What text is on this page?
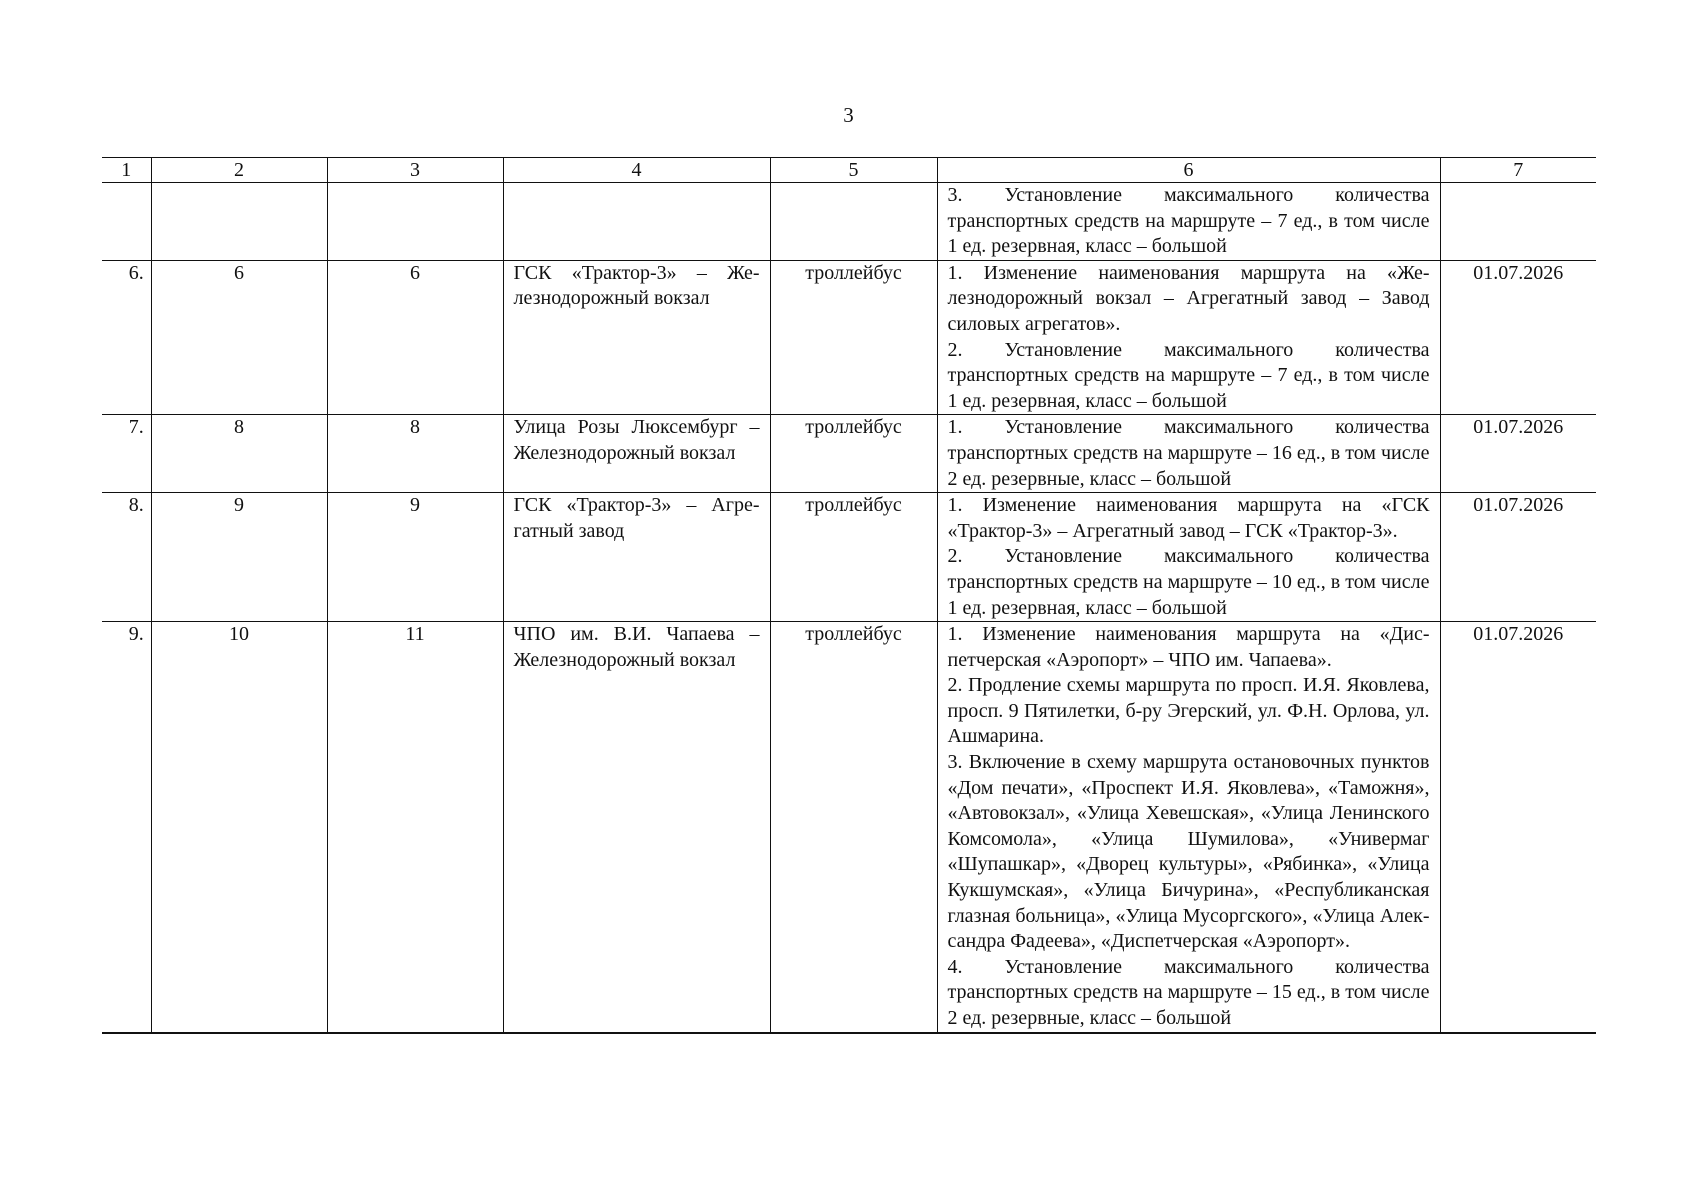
3
1	2	3	4	5	6	7

					3. Установление максимального количества транспортных средств на маршруте – 7 ед., в том числе 1 ед. резервная, класс – большой	

6.	6	6	ГСК «Трактор-3» – Железнодорожный вокзал	троллейбус	1. Изменение наименования маршрута на «Железнодорожный вокзал – Агрегатный завод – Завод силовых агрегатов».
2. Установление максимального количества транспортных средств на маршруте – 7 ед., в том числе 1 ед. резервная, класс – большой	01.07.2026

7.	8	8	Улица Розы Люксембург – Железнодорожный вокзал	троллейбус	1. Установление максимального количества транспортных средств на маршруте – 16 ед., в том числе 2 ед. резервные, класс – большой	01.07.2026

8.	9	9	ГСК «Трактор-3» – Агрегатный завод	троллейбус	1. Изменение наименования маршрута на «ГСК «Трактор-3» – Агрегатный завод – ГСК «Трактор-3».
2. Установление максимального количества транспортных средств на маршруте – 10 ед., в том числе 1 ед. резервная, класс – большой	01.07.2026

9.	10	11	ЧПО им. В.И. Чапаева – Железнодорожный вокзал	троллейбус	1. Изменение наименования маршрута на «Диспетчерская «Аэропорт» – ЧПО им. Чапаева».
2. Продление схемы маршрута по просп. И.Я. Яковлева, просп. 9 Пятилетки, б-ру Эгерский, ул. Ф.Н. Орлова, ул. Ашмарина.
3. Включение в схему маршрута остановочных пунктов «Дом печати», «Проспект И.Я. Яковлева», «Таможня», «Автовокзал», «Улица Хевешская», «Улица Ленинского Комсомола», «Улица Шумилова», «Универмаг «Шупашкар», «Дворец культуры», «Рябинка», «Улица Кукшумская», «Улица Бичурина», «Республиканская глазная больница», «Улица Мусоргского», «Улица Александра Фадеева», «Диспетчерская «Аэропорт».
4. Установление максимального количества транспортных средств на маршруте – 15 ед., в том числе 2 ед. резервные, класс – большой	01.07.2026
